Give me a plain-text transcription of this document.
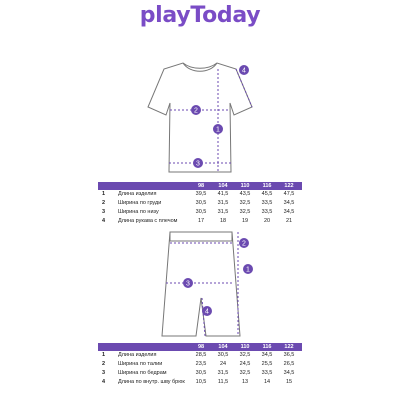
playToday
1
2
3
4
98	104	110	116	122
1	Длина изделия	39,5	41,5	43,5	45,5	47,5
2	Ширина по груди	30,5	31,5	32,5	33,5	34,5
3	Ширина по низу	30,5	31,5	32,5	33,5	34,5
4	Длина рукава с плечом	17	18	19	20	21
1
2
3
4
98	104	110	116	122
1	Длина изделия	28,5	30,5	32,5	34,5	36,5
2	Ширина по талии	23,5	24	24,5	25,5	26,5
3	Ширина по бедрам	30,5	31,5	32,5	33,5	34,5
4	Длина по внутр. шву брюк	10,5	11,5	13	14	15
